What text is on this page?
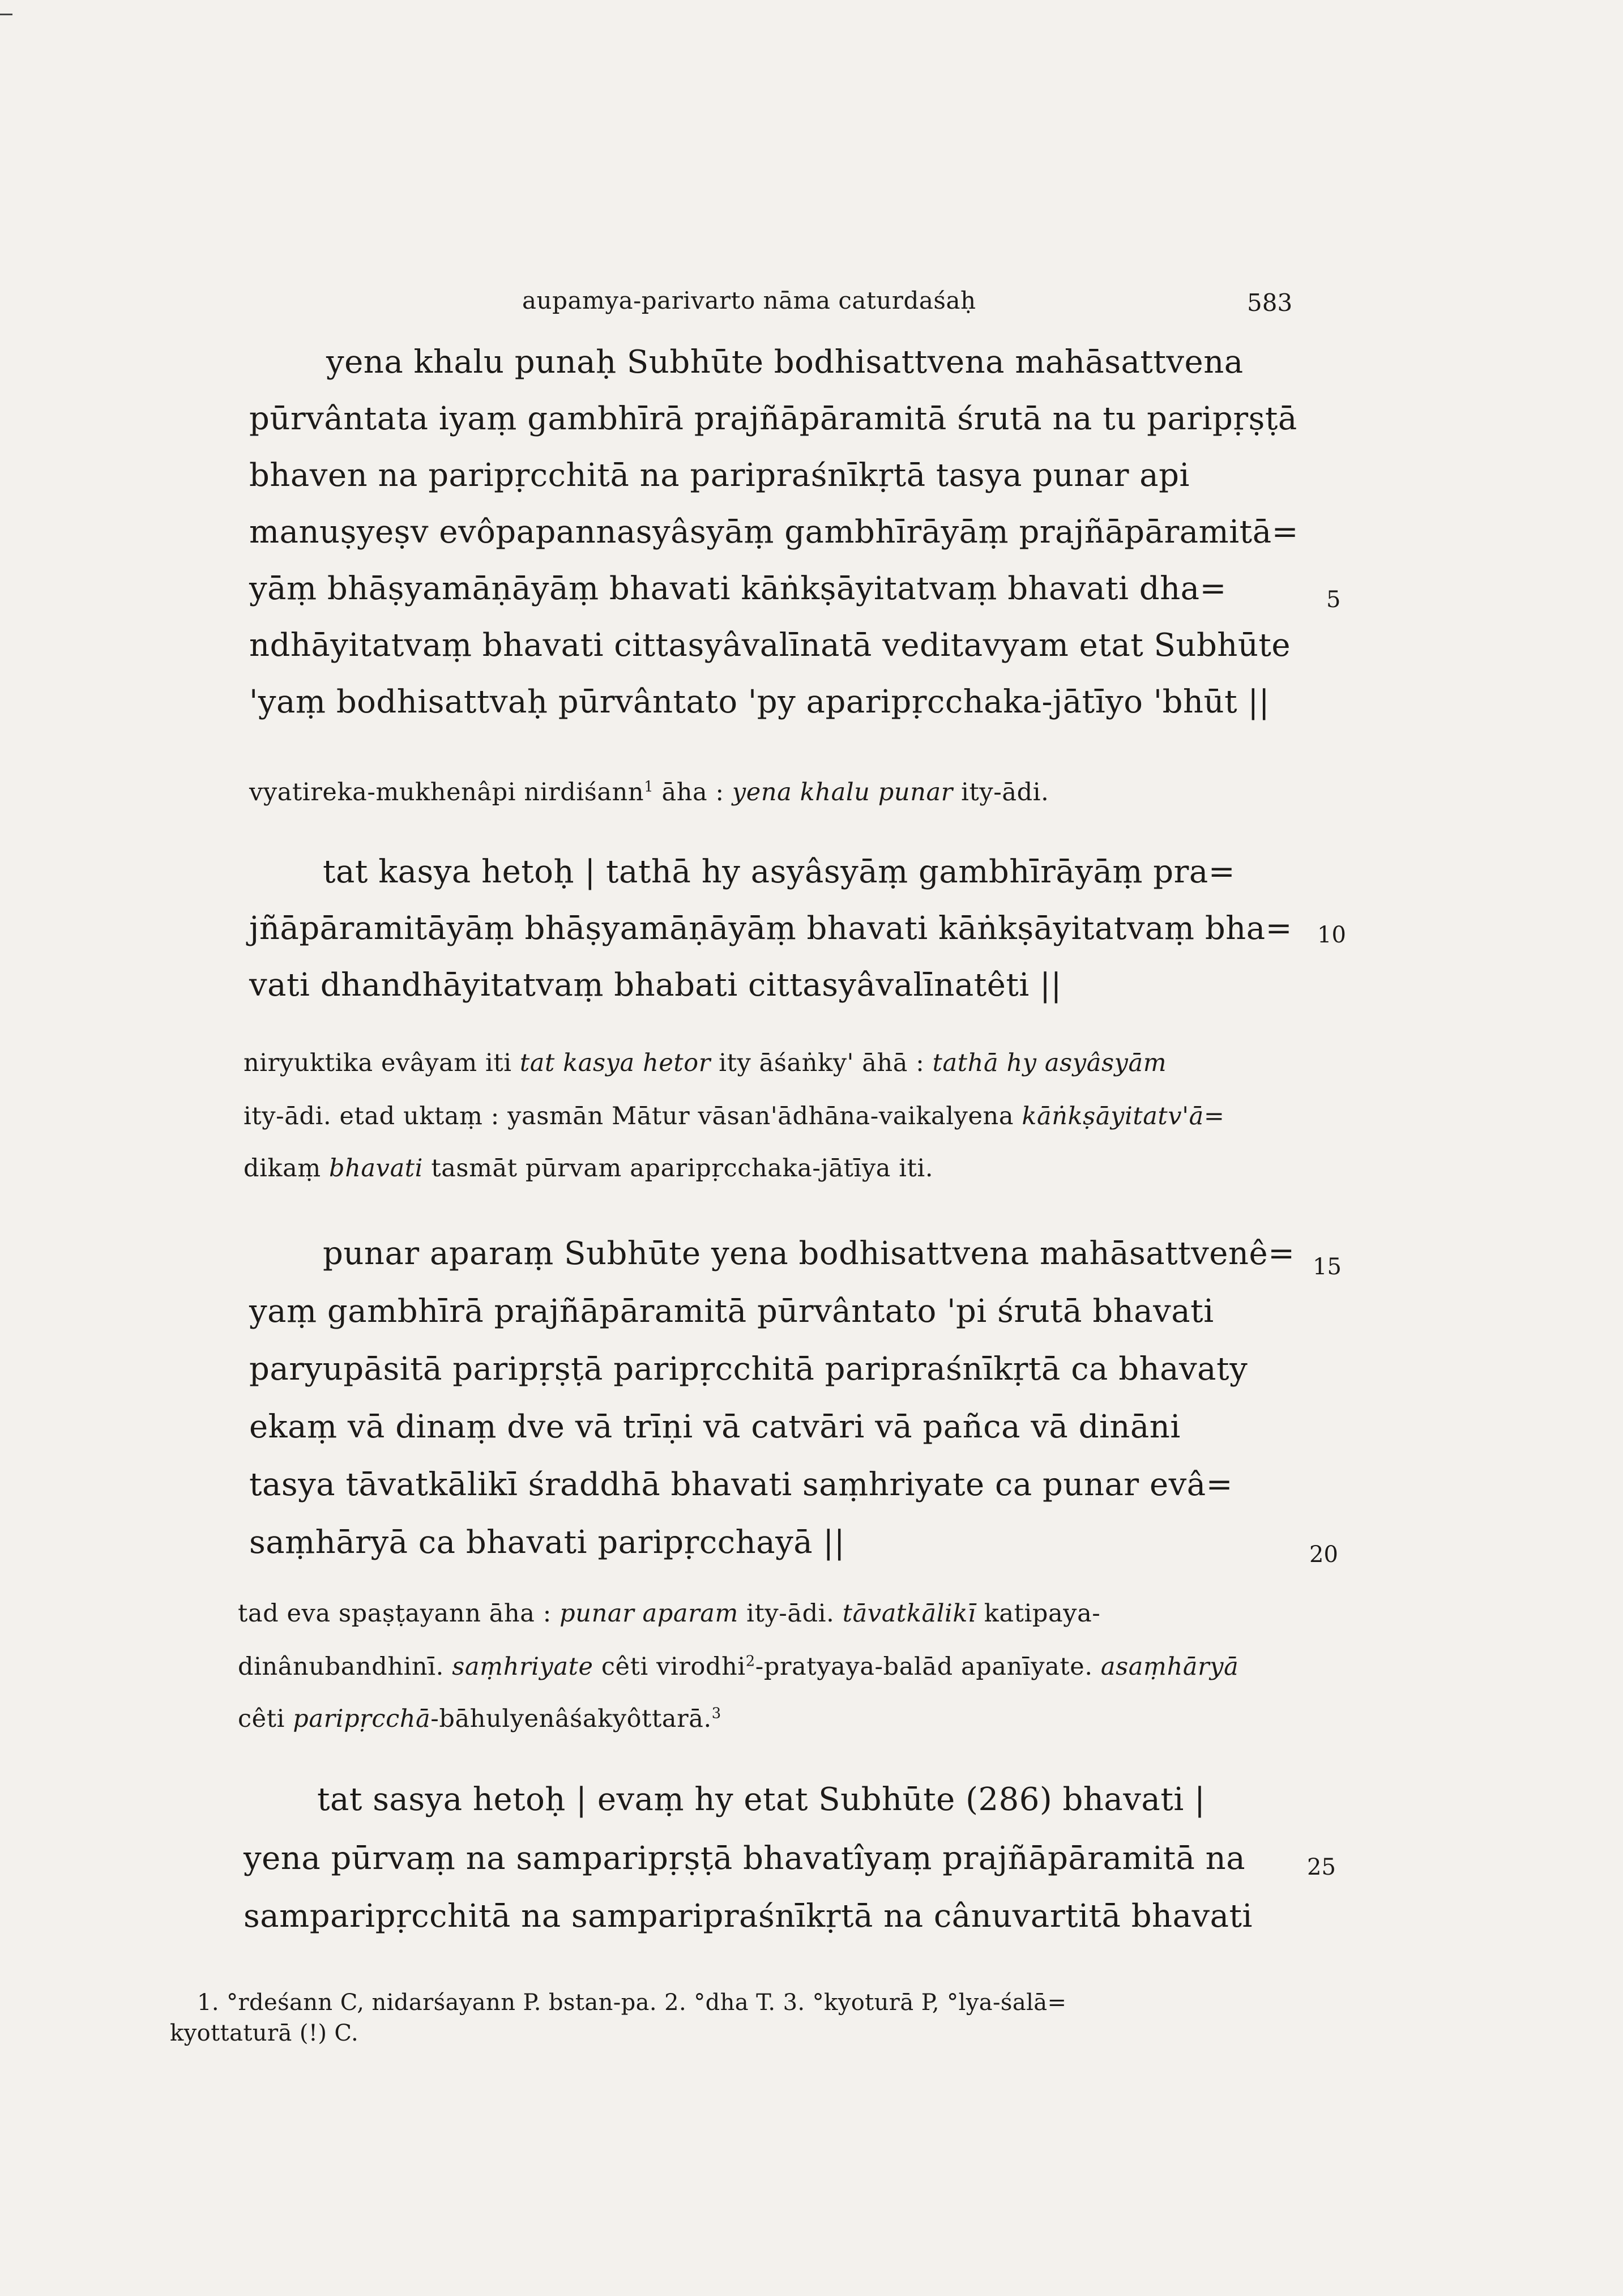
aupamya-parivarto nāma caturdaśaḥ	583
yena khalu punaḥ Subhūte bodhisattvena mahāsattvena
pūrvântata iyaṃ gambhīrā prajñāpāramitā śrutā na tu paripṛṣṭā
bhaven na paripṛcchitā na paripraśnīkṛtā tasya punar api
manuṣyeṣv evôpapannasyâsyāṃ gambhīrāyāṃ prajñāpāramitā=
yāṃ bhāṣyamāṇāyāṃ bhavati kāṅkṣāyitatvaṃ bhavati dha=
ndhāyitatvaṃ bhavati cittasyâvalīnatā veditavyam etat Subhūte
'yaṃ bodhisattvaḥ pūrvântato 'py aparipṛcchaka-jātīyo 'bhūt ||
5
vyatireka-mukhenâpi nirdiśann$^1$ āha : yena khalu punar ity-ādi.
tat kasya hetoḥ | tathā hy asyâsyāṃ gambhīrāyāṃ pra=
jñāpāramitāyāṃ bhāṣyamāṇāyāṃ bhavati kāṅkṣāyitatvaṃ bha=
vati dhandhāyitatvaṃ bhabati cittasyâvalīnatêti ||
10
niryuktika evâyam iti tat kasya hetor ity āśaṅky' āhā : tathā hy asyâsyām
ity-ādi. etad uktaṃ : yasmān Mātur vāsan'ādhāna-vaikalyena kāṅkṣāyitatv'ā=
dikaṃ bhavati tasmāt pūrvam aparipṛcchaka-jātīya iti.
punar aparaṃ Subhūte yena bodhisattvena mahāsattvenê=
yaṃ gambhīrā prajñāpāramitā pūrvântato 'pi śrutā bhavati
paryupāsitā paripṛṣṭā paripṛcchitā paripraśnīkṛtā ca bhavaty
ekaṃ vā dinaṃ dve vā trīṇi vā catvāri vā pañca vā dināni
tasya tāvatkālikī śraddhā bhavati saṃhriyate ca punar evâ=
saṃhāryā ca bhavati paripṛcchayā ||
15
20
tad eva spaṣṭayann āha : punar aparam ity-ādi. tāvatkālikī katipaya-
dinânubandhinī. saṃhriyate cêti virodhi$^2$-pratyaya-balād apanīyate. asaṃhāryā
cêti paripṛcchā-bāhulyenâśakyôttarā.$^3$
tat sasya hetoḥ | evaṃ hy etat Subhūte (286) bhavati |
yena pūrvaṃ na samparipṛṣṭā bhavatîyaṃ prajñāpāramitā na
samparipṛcchitā na samparipraśnīkṛtā na cânuvartitā bhavati
25
1. °rdeśann C, nidarśayann P. bstan-pa. 2. °dha T. 3. °kyoturā P, °lya-śalā=
kyottaturā (!) C.
